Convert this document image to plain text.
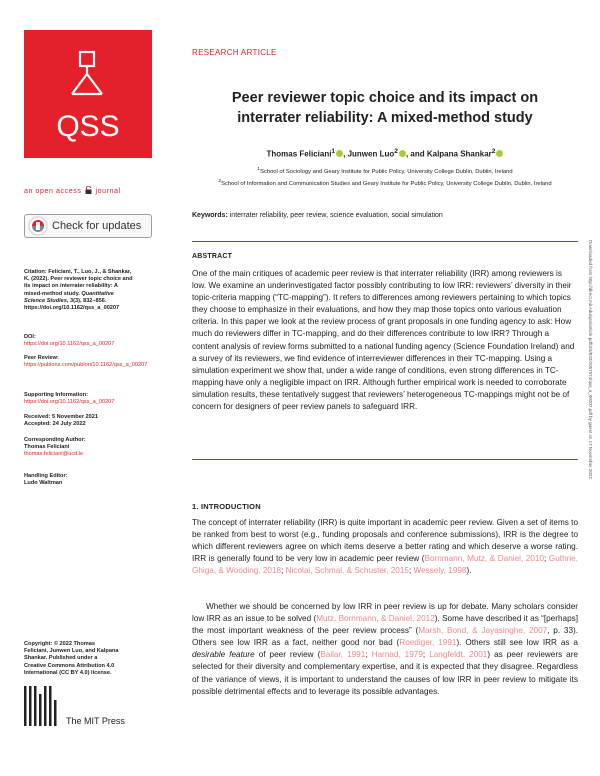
QSS
an open access journal
Check for updates
Citation: Feliciani, T., Luo, J., & Shankar, K. (2022). Peer reviewer topic choice and its impact on interrater reliability: A mixed-method study. Quantitative Science Studies, 3(3), 832–856. https://doi.org/10.1162/qss_a_00207
DOI:
https://doi.org/10.1162/qss_a_00207
Peer Review:
https://publons.com/publon/10.1162/qss_a_00207
Supporting Information:
https://doi.org/10.1162/qss_a_00207
Received: 5 November 2021
Accepted: 24 July 2022
Corresponding Author:
Thomas Feliciani
thomas.feliciani@ucd.ie
Handling Editor:
Ludo Waltman
Copyright: © 2022 Thomas Feliciani, Junwen Luo, and Kalpana Shankar. Published under a Creative Commons Attribution 4.0 International (CC BY 4.0) license.
The MIT Press
RESEARCH ARTICLE
Peer reviewer topic choice and its impact on
interrater reliability: A mixed-method study
Thomas Feliciani$^1$ , Junwen Luo$^2$ , and Kalpana Shankar$^2$
$^1$School of Sociology and Geary Institute for Public Policy, University College Dublin, Dublin, Ireland
$^2$School of Information and Communication Studies and Geary Institute for Public Policy, University College Dublin, Dublin, Ireland
Keywords: interrater reliability, peer review, science evaluation, social simulation
ABSTRACT
One of the main critiques of academic peer review is that interrater reliability (IRR) among reviewers is low. We examine an underinvestigated factor possibly contributing to low IRR: reviewers’ diversity in their topic-criteria mapping (“TC-mapping”). It refers to differences among reviewers pertaining to which topics they choose to emphasize in their evaluations, and how they map those topics onto various evaluation criteria. In this paper we look at the review process of grant proposals in one funding agency to ask: How much do reviewers differ in TC-mapping, and do their differences contribute to low IRR? Through a content analysis of review forms submitted to a national funding agency (Science Foundation Ireland) and a survey of its reviewers, we find evidence of interreviewer differences in their TC-mapping. Using a simulation experiment we show that, under a wide range of conditions, even strong differences in TC-mapping have only a negligible impact on IRR. Although further empirical work is needed to corroborate simulation results, these tentatively suggest that reviewers’ heterogeneous TC-mappings might not be of concern for designers of peer review panels to safeguard IRR.
1. INTRODUCTION
The concept of interrater reliability (IRR) is quite important in academic peer review. Given a set of items to be ranked from best to worst (e.g., funding proposals and conference submissions), IRR is the degree to which different reviewers agree on which items deserve a better rating and which deserve a worse rating. IRR is generally found to be very low in academic peer review (Bornmann, Mutz, & Daniel, 2010; Guthrie, Ghiga, & Wooding, 2018; Nicolai, Schmal, & Schuster, 2015; Wessely, 1998).
Whether we should be concerned by low IRR in peer review is up for debate. Many scholars consider low IRR as an issue to be solved (Mutz, Bornmann, & Daniel, 2012). Some have described it as “[perhaps] the most important weakness of the peer review process” (Marsh, Bond, & Jayasinghe, 2007, p. 33). Others see low IRR as a fact, neither good nor bad (Roediger, 1991). Others still see low IRR as a desirable feature of peer review (Bailar, 1991; Harnad, 1979; Langfeldt, 2001) as peer reviewers are selected for their diversity and complementary expertise, and it is expected that they disagree. Regardless of the variance of views, it is important to understand the causes of low IRR in peer review to mitigate its possible detrimental effects and to leverage its possible advantages.
Downloaded from http://direct.mit.edu/qss/article-pdf/3/3/832/2057974/qss_a_00207.pdf by guest on 17 November 2022
